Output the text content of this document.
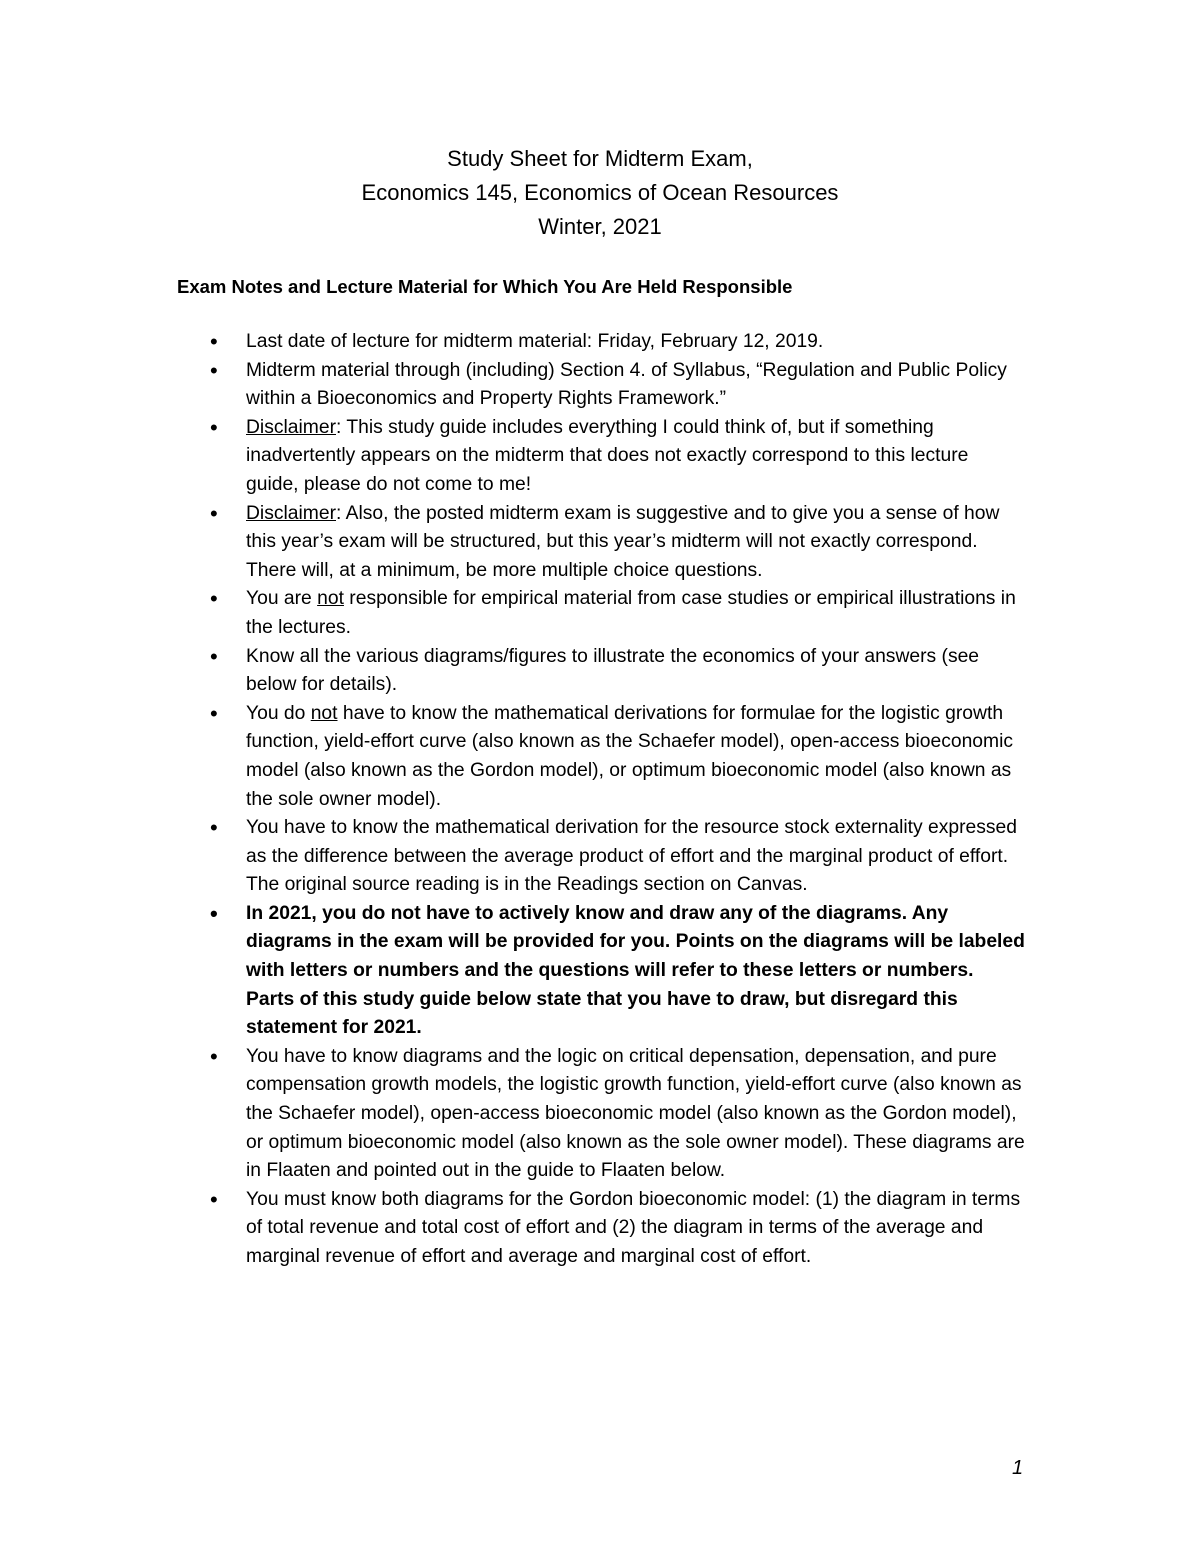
Study Sheet for Midterm Exam,
Economics 145, Economics of Ocean Resources
Winter, 2021
Exam Notes and Lecture Material for Which You Are Held Responsible
• Last date of lecture for midterm material: Friday, February 12, 2019.
• Midterm material through (including) Section 4. of Syllabus, “Regulation and Public Policy within a Bioeconomics and Property Rights Framework.”
• Disclaimer: This study guide includes everything I could think of, but if something inadvertently appears on the midterm that does not exactly correspond to this lecture guide, please do not come to me!
• Disclaimer: Also, the posted midterm exam is suggestive and to give you a sense of how this year’s exam will be structured, but this year’s midterm will not exactly correspond. There will, at a minimum, be more multiple choice questions.
• You are not responsible for empirical material from case studies or empirical illustrations in the lectures.
• Know all the various diagrams/figures to illustrate the economics of your answers (see below for details).
• You do not have to know the mathematical derivations for formulae for the logistic growth function, yield-effort curve (also known as the Schaefer model), open-access bioeconomic model (also known as the Gordon model), or optimum bioeconomic model (also known as the sole owner model).
• You have to know the mathematical derivation for the resource stock externality expressed as the difference between the average product of effort and the marginal product of effort. The original source reading is in the Readings section on Canvas.
• In 2021, you do not have to actively know and draw any of the diagrams. Any diagrams in the exam will be provided for you. Points on the diagrams will be labeled with letters or numbers and the questions will refer to these letters or numbers. Parts of this study guide below state that you have to draw, but disregard this statement for 2021.
• You have to know diagrams and the logic on critical depensation, depensation, and pure compensation growth models, the logistic growth function, yield-effort curve (also known as the Schaefer model), open-access bioeconomic model (also known as the Gordon model), or optimum bioeconomic model (also known as the sole owner model). These diagrams are in Flaaten and pointed out in the guide to Flaaten below.
• You must know both diagrams for the Gordon bioeconomic model: (1) the diagram in terms of total revenue and total cost of effort and (2) the diagram in terms of the average and marginal revenue of effort and average and marginal cost of effort.
1
